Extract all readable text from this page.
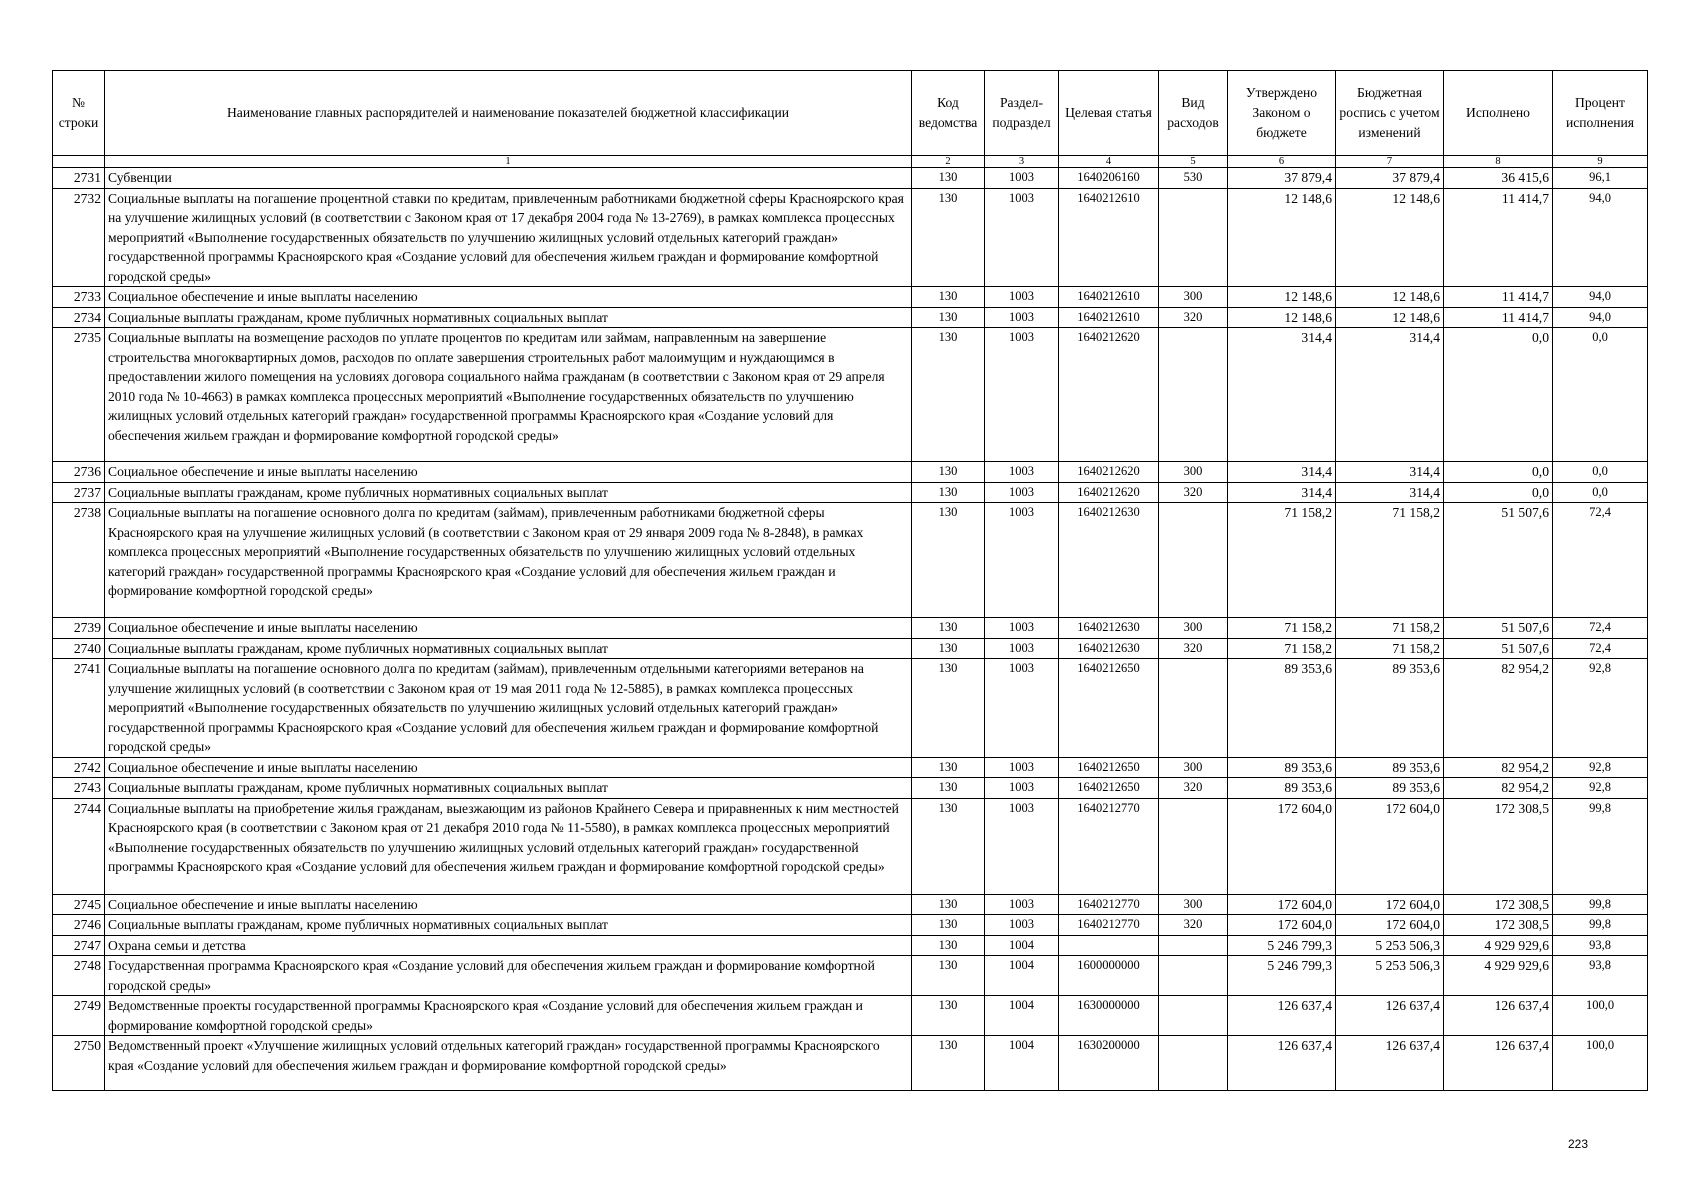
№ строки	Наименование главных распорядителей и наименование показателей бюджетной классификации	Код ведомства	Раздел-подраздел	Целевая статья	Вид расходов	Утверждено Законом о бюджете	Бюджетная роспись с учетом изменений	Исполнено	Процент исполнения
	1	2	3	4	5	6	7	8	9
2731	Субвенции	130	1003	1640206160	530	37 879,4	37 879,4	36 415,6	96,1
2732	Социальные выплаты на погашение процентной ставки по кредитам, привлеченным работниками бюджетной сферы Красноярского края на улучшение жилищных условий (в соответствии с Законом края от 17 декабря 2004 года № 13-2769), в рамках комплекса процессных мероприятий «Выполнение государственных обязательств по улучшению жилищных условий отдельных категорий граждан» государственной программы Красноярского края «Создание условий для обеспечения жильем граждан и формирование комфортной городской среды»	130	1003	1640212610		12 148,6	12 148,6	11 414,7	94,0
2733	Социальное обеспечение и иные выплаты населению	130	1003	1640212610	300	12 148,6	12 148,6	11 414,7	94,0
2734	Социальные выплаты гражданам, кроме публичных нормативных социальных выплат	130	1003	1640212610	320	12 148,6	12 148,6	11 414,7	94,0
2735	Социальные выплаты на возмещение расходов по уплате процентов по кредитам или займам, направленным на завершение строительства многоквартирных домов, расходов по оплате завершения строительных работ малоимущим и нуждающимся в предоставлении жилого помещения на условиях договора социального найма гражданам (в соответствии с Законом края от 29 апреля 2010 года № 10-4663) в рамках комплекса процессных мероприятий «Выполнение государственных обязательств по улучшению жилищных условий отдельных категорий граждан» государственной программы Красноярского края «Создание условий для обеспечения жильем граждан и формирование комфортной городской среды»	130	1003	1640212620		314,4	314,4	0,0	0,0
2736	Социальное обеспечение и иные выплаты населению	130	1003	1640212620	300	314,4	314,4	0,0	0,0
2737	Социальные выплаты гражданам, кроме публичных нормативных социальных выплат	130	1003	1640212620	320	314,4	314,4	0,0	0,0
2738	Социальные выплаты на погашение основного долга по кредитам (займам), привлеченным работниками бюджетной сферы Красноярского края на улучшение жилищных условий (в соответствии с Законом края от 29 января 2009 года № 8-2848), в рамках комплекса процессных мероприятий «Выполнение государственных обязательств по улучшению жилищных условий отдельных категорий граждан» государственной программы Красноярского края «Создание условий для обеспечения жильем граждан и формирование комфортной городской среды»	130	1003	1640212630		71 158,2	71 158,2	51 507,6	72,4
2739	Социальное обеспечение и иные выплаты населению	130	1003	1640212630	300	71 158,2	71 158,2	51 507,6	72,4
2740	Социальные выплаты гражданам, кроме публичных нормативных социальных выплат	130	1003	1640212630	320	71 158,2	71 158,2	51 507,6	72,4
2741	Социальные выплаты на погашение основного долга по кредитам (займам), привлеченным отдельными категориями ветеранов на улучшение жилищных условий (в соответствии с Законом края от 19 мая 2011 года № 12-5885), в рамках комплекса процессных мероприятий «Выполнение государственных обязательств по улучшению жилищных условий отдельных категорий граждан» государственной программы Красноярского края «Создание условий для обеспечения жильем граждан и формирование комфортной городской среды»	130	1003	1640212650		89 353,6	89 353,6	82 954,2	92,8
2742	Социальное обеспечение и иные выплаты населению	130	1003	1640212650	300	89 353,6	89 353,6	82 954,2	92,8
2743	Социальные выплаты гражданам, кроме публичных нормативных социальных выплат	130	1003	1640212650	320	89 353,6	89 353,6	82 954,2	92,8
2744	Социальные выплаты на приобретение жилья гражданам, выезжающим из районов Крайнего Севера и приравненных к ним местностей Красноярского края (в соответствии с Законом края от 21 декабря 2010 года № 11-5580), в рамках комплекса процессных мероприятий «Выполнение государственных обязательств по улучшению жилищных условий отдельных категорий граждан» государственной программы Красноярского края «Создание условий для обеспечения жильем граждан и формирование комфортной городской среды»	130	1003	1640212770		172 604,0	172 604,0	172 308,5	99,8
2745	Социальное обеспечение и иные выплаты населению	130	1003	1640212770	300	172 604,0	172 604,0	172 308,5	99,8
2746	Социальные выплаты гражданам, кроме публичных нормативных социальных выплат	130	1003	1640212770	320	172 604,0	172 604,0	172 308,5	99,8
2747	Охрана семьи и детства	130	1004			5 246 799,3	5 253 506,3	4 929 929,6	93,8
2748	Государственная программа Красноярского края «Создание условий для обеспечения жильем граждан и формирование комфортной городской среды»	130	1004	1600000000		5 246 799,3	5 253 506,3	4 929 929,6	93,8
2749	Ведомственные проекты государственной программы Красноярского края «Создание условий для обеспечения жильем граждан и формирование комфортной городской среды»	130	1004	1630000000		126 637,4	126 637,4	126 637,4	100,0
2750	Ведомственный проект «Улучшение жилищных условий отдельных категорий граждан» государственной программы Красноярского края «Создание условий для обеспечения жильем граждан и формирование комфортной городской среды»	130	1004	1630200000		126 637,4	126 637,4	126 637,4	100,0
223
